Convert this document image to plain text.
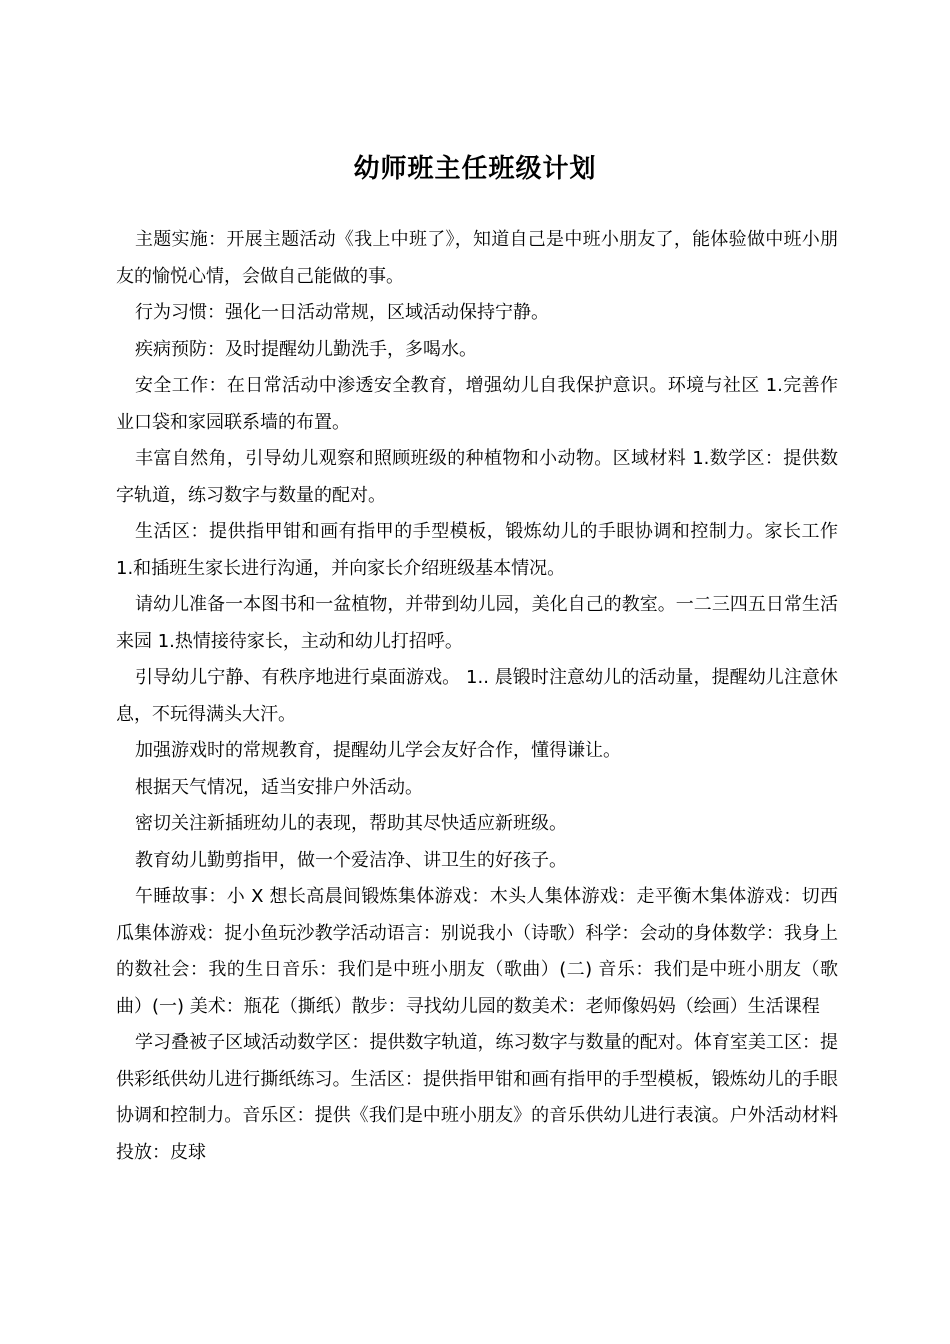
幼师班主任班级计划

主题实施：开展主题活动《我上中班了》，知道自己是中班小朋友了，能体验做中班小朋友的愉悦心情，会做自己能做的事。

行为习惯：强化一日活动常规，区域活动保持宁静。

疾病预防：及时提醒幼儿勤洗手，多喝水。

安全工作：在日常活动中渗透安全教育，增强幼儿自我保护意识。环境与社区 1.完善作业口袋和家园联系墙的布置。

丰富自然角，引导幼儿观察和照顾班级的种植物和小动物。区域材料 1.数学区：提供数字轨道，练习数字与数量的配对。

生活区：提供指甲钳和画有指甲的手型模板，锻炼幼儿的手眼协调和控制力。家长工作 1.和插班生家长进行沟通，并向家长介绍班级基本情况。

请幼儿准备一本图书和一盆植物，并带到幼儿园，美化自己的教室。一二三四五日常生活来园 1.热情接待家长，主动和幼儿打招呼。

引导幼儿宁静、有秩序地进行桌面游戏。 1.. 晨锻时注意幼儿的活动量，提醒幼儿注意休息，不玩得满头大汗。

加强游戏时的常规教育，提醒幼儿学会友好合作，懂得谦让。

根据天气情况，适当安排户外活动。

密切关注新插班幼儿的表现，帮助其尽快适应新班级。

教育幼儿勤剪指甲，做一个爱洁净、讲卫生的好孩子。

午睡故事：小 X 想长高晨间锻炼集体游戏：木头人集体游戏：走平衡木集体游戏：切西瓜集体游戏：捉小鱼玩沙教学活动语言：别说我小（诗歌）科学：会动的身体数学：我身上的数社会：我的生日音乐：我们是中班小朋友（歌曲）(二) 音乐：我们是中班小朋友（歌曲）(一) 美术：瓶花（撕纸）散步：寻找幼儿园的数美术：老师像妈妈（绘画）生活课程

学习叠被子区域活动数学区：提供数字轨道，练习数字与数量的配对。体育室美工区：提供彩纸供幼儿进行撕纸练习。生活区：提供指甲钳和画有指甲的手型模板，锻炼幼儿的手眼协调和控制力。音乐区：提供《我们是中班小朋友》的音乐供幼儿进行表演。户外活动材料投放：皮球
